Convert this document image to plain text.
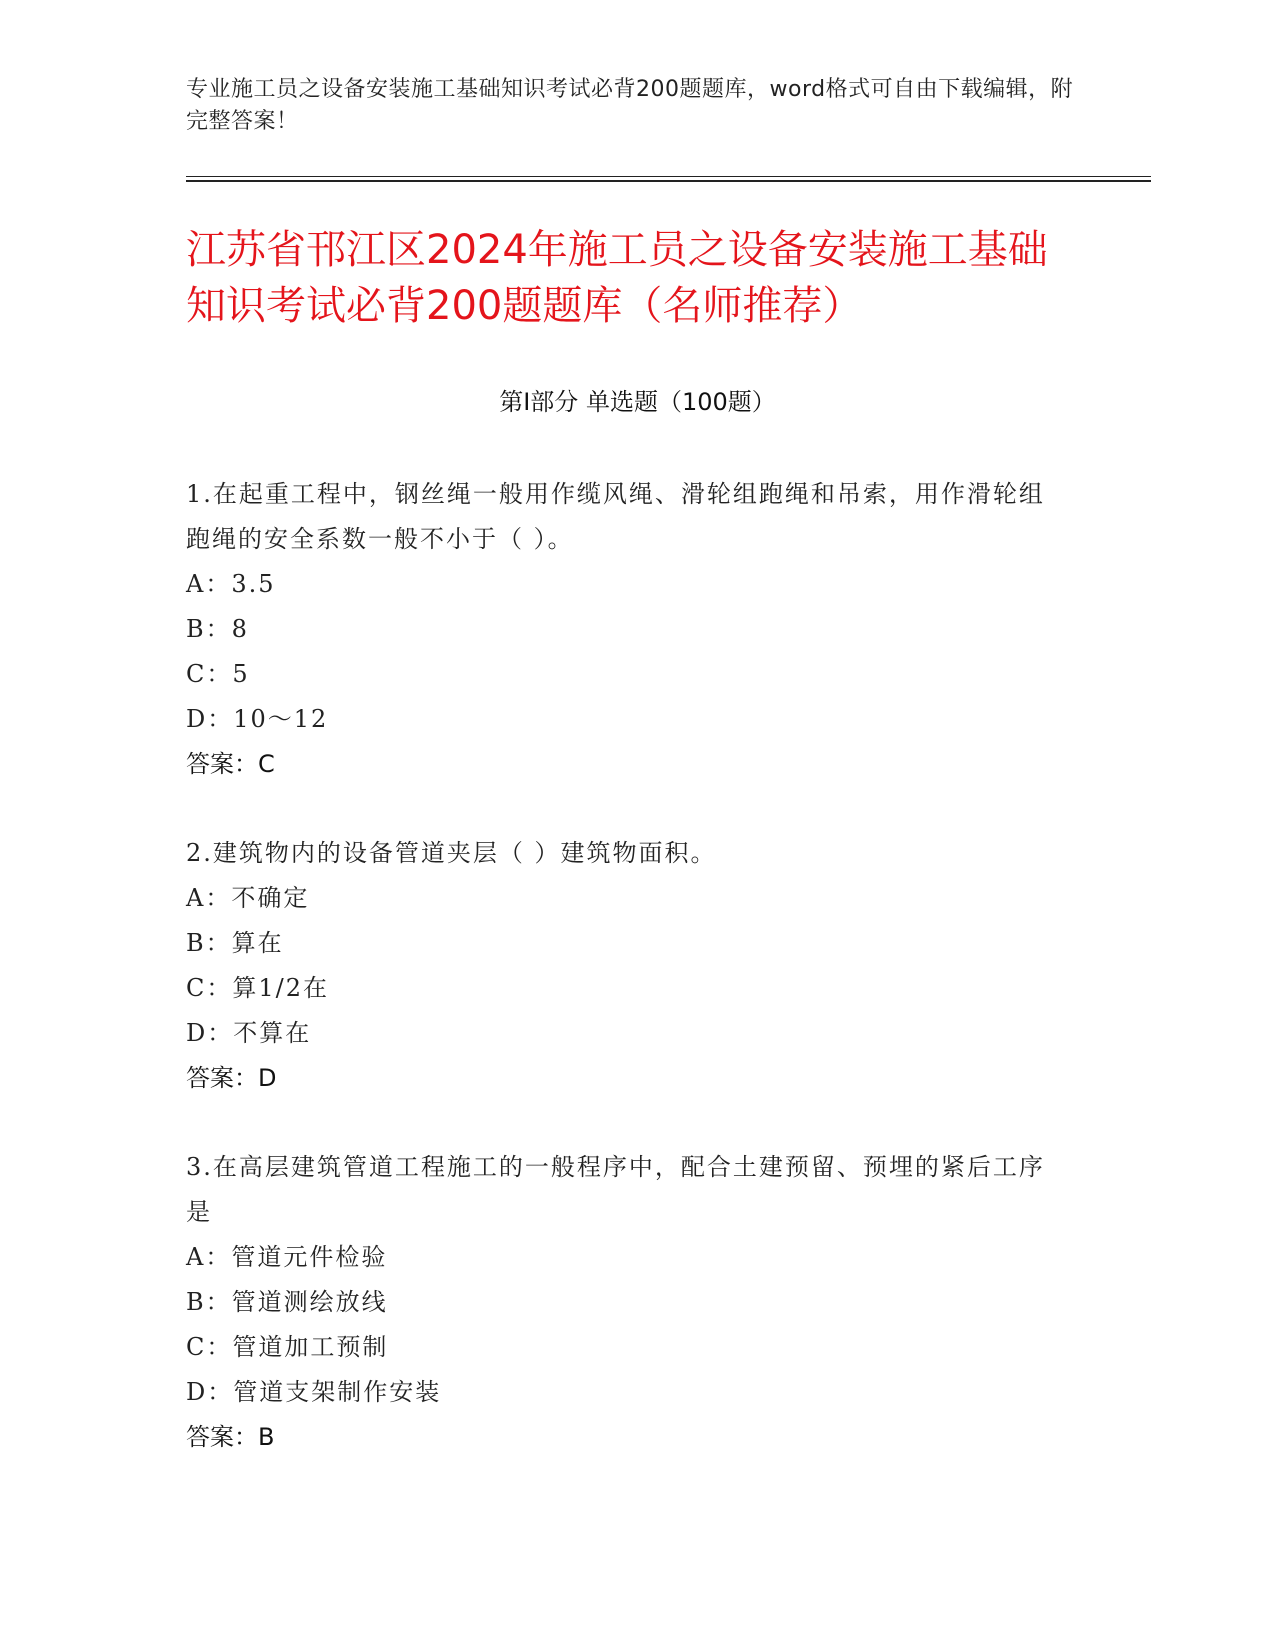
专业施工员之设备安装施工基础知识考试必背200题题库，word格式可自由下载编辑，附完整答案！
江苏省邗江区2024年施工员之设备安装施工基础知识考试必背200题题库（名师推荐）
第Ⅰ部分 单选题（100题）
1.在起重工程中，钢丝绳一般用作缆风绳、滑轮组跑绳和吊索，用作滑轮组跑绳的安全系数一般不小于（ ）。
A：3.5
B：8
C：5
D：10～12
答案：C
2.建筑物内的设备管道夹层（ ）建筑物面积。
A：不确定
B：算在
C：算1/2在
D：不算在
答案：D
3.在高层建筑管道工程施工的一般程序中，配合土建预留、预埋的紧后工序是
A：管道元件检验
B：管道测绘放线
C：管道加工预制
D：管道支架制作安装
答案：B
